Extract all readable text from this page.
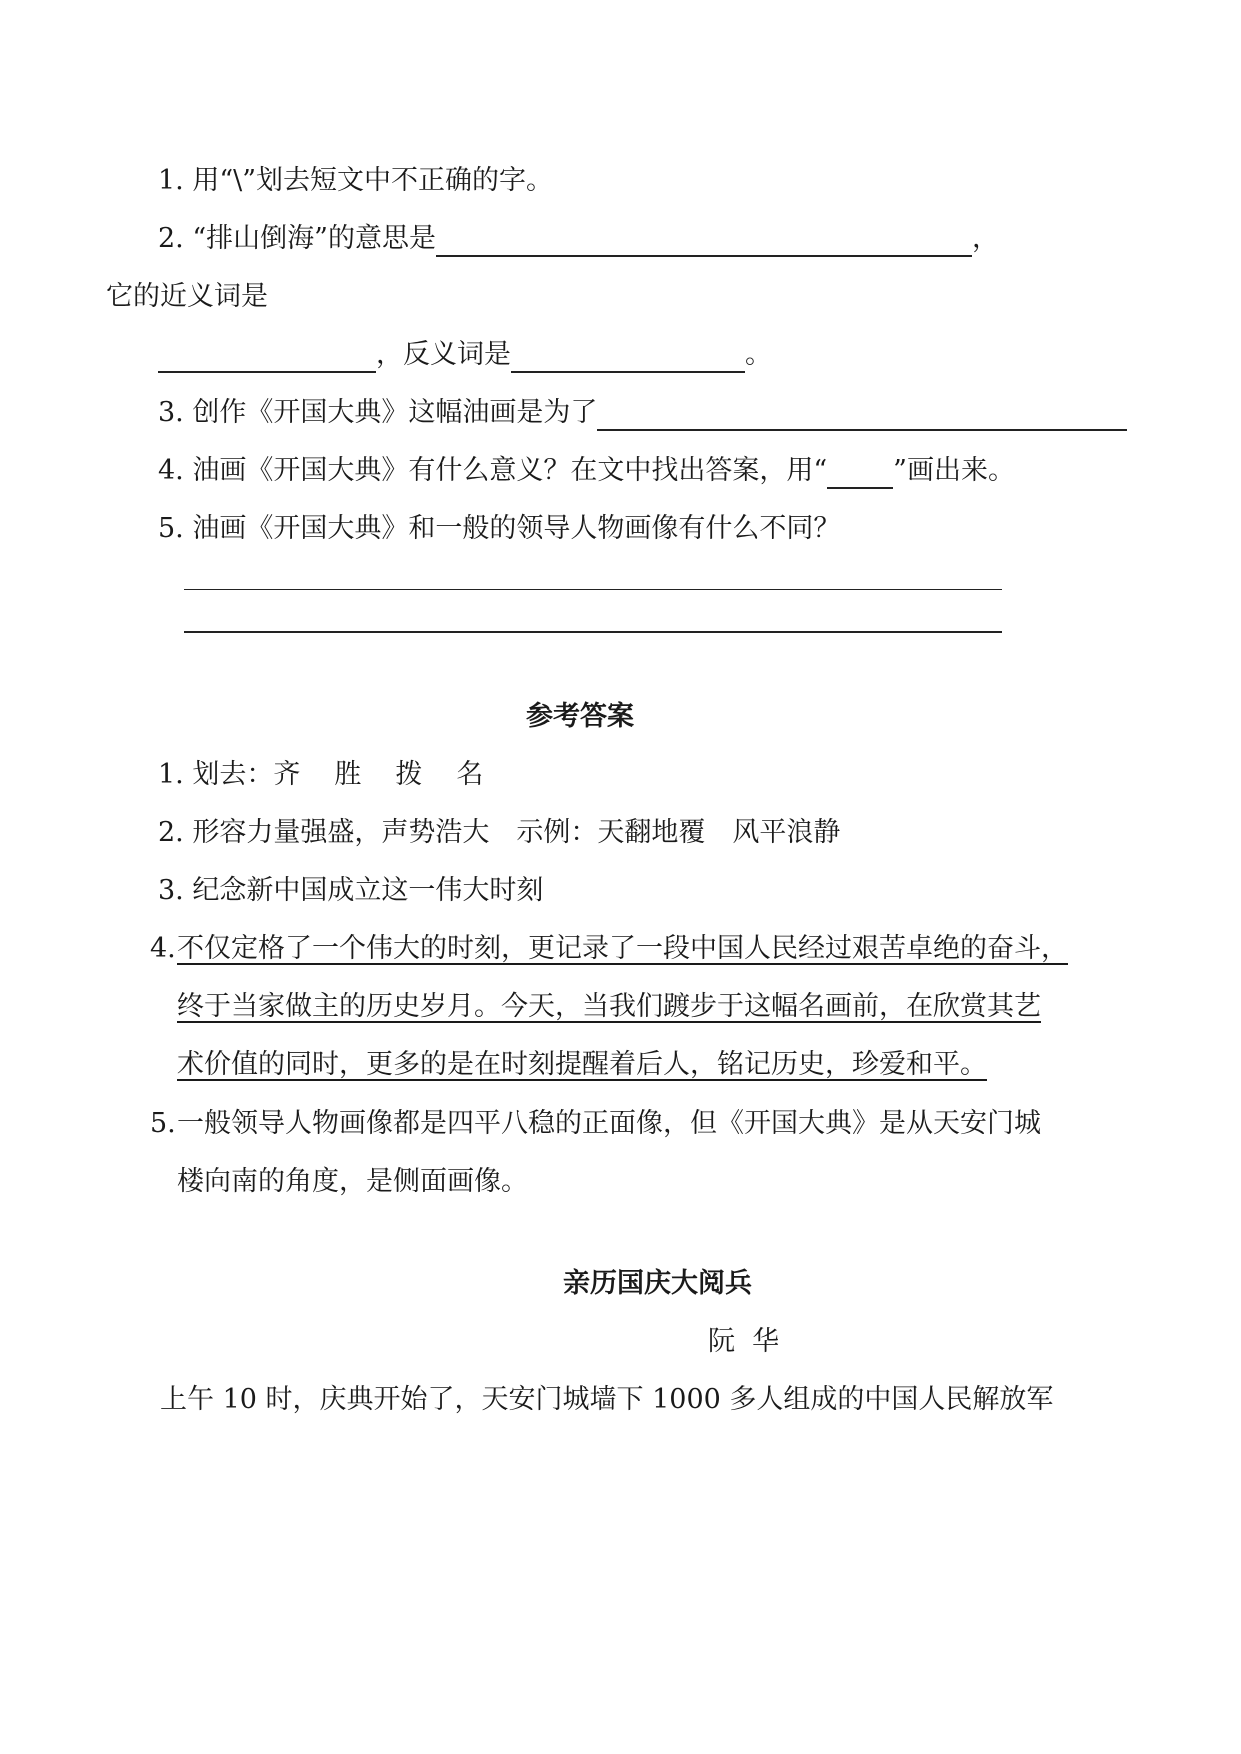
1. 用“\”划去短文中不正确的字。
2. “排山倒海”的意思是	，
它的近义词是
，反义词是	。
3. 创作《开国大典》这幅油画是为了
4. 油画《开国大典》有什么意义？在文中找出答案，用“ ”画出来。
5. 油画《开国大典》和一般的领导人物画像有什么不同？
参考答案
1. 划去：齐 胜 拨 名
2. 形容力量强盛，声势浩大　示例：天翻地覆　风平浪静
3. 纪念新中国成立这一伟大时刻
4. 不仅定格了一个伟大的时刻，更记录了一段中国人民经过艰苦卓绝的奋斗，
终于当家做主的历史岁月。今天，当我们踱步于这幅名画前，在欣赏其艺
术价值的同时，更多的是在时刻提醒着后人，铭记历史，珍爱和平。
5. 一般领导人物画像都是四平八稳的正面像，但《开国大典》是从天安门城
楼向南的角度，是侧面画像。
亲历国庆大阅兵
阮  华
上午 10 时，庆典开始了，天安门城墙下 1000 多人组成的中国人民解放军
